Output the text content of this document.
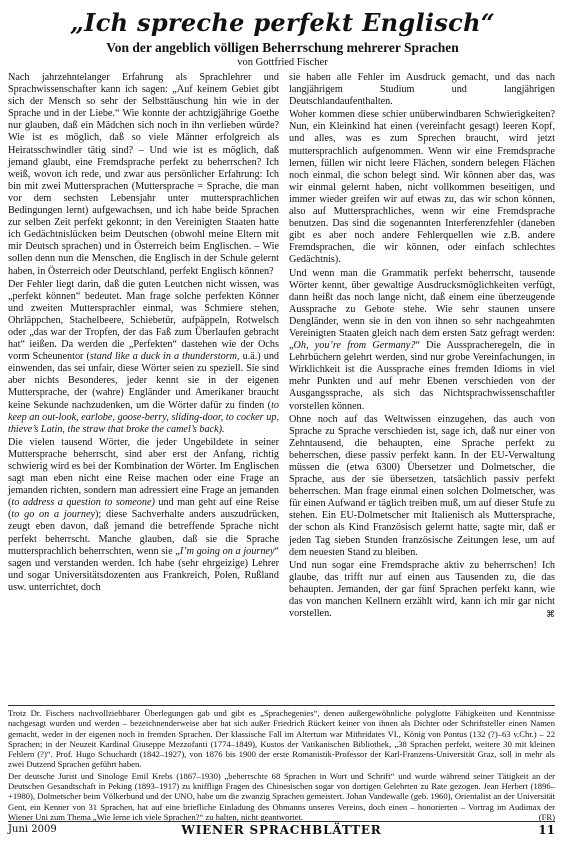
„Ich spreche perfekt Englisch“
Von der angeblich völligen Beherrschung mehrerer Sprachen
von Gottfried Fischer

Nach jahrzehntelanger Erfahrung als Sprachlehrer und Sprachwissenschafter kann ich sagen: „Auf keinem Gebiet gibt sich der Mensch so sehr der Selbsttäuschung hin wie in der Sprache und in der Liebe.“ Wie konnte der achtzigjährige Goethe nur glauben, daß ein Mädchen sich noch in ihn verlieben würde? Wie ist es möglich, daß so viele Männer erfolgreich als Heiratsschwindler tätig sind? – Und wie ist es möglich, daß jemand glaubt, eine Fremdsprache perfekt zu beherrschen? Ich weiß, wovon ich rede, und zwar aus persönlicher Erfahrung: Ich bin mit zwei Muttersprachen (Muttersprache = Sprache, die man vor dem sechsten Lebensjahr unter muttersprachlichen Bedingungen lernt) aufgewachsen, und ich habe beide Sprachen zur selben Zeit perfekt gekonnt; in den Vereinigten Staaten hatte ich Gedächtnislücken beim Deutschen (obwohl meine Eltern mit mir Deutsch sprachen) und in Österreich beim Englischen. – Wie sollen denn nun die Menschen, die Englisch in der Schule gelernt haben, in Österreich oder Deutschland, perfekt Englisch können?

Der Fehler liegt darin, daß die guten Leutchen nicht wissen, was „perfekt können“ bedeutet. Man frage solche perfekten Könner und zweiten Muttersprachler einmal, was Schmiere stehen, Ohrläppchen, Stachelbeere, Schiebetür, aufpäppeln, Rotwelsch oder „das war der Tropfen, der das Faß zum Überlaufen gebracht hat“ ieißen. Da werden die „Perfekten“ dastehen wie der Ochs vorm Scheunentor (stand like a duck in a thunderstorm, u.ä.) und einwenden, das sei unfair, diese Wörter seien zu speziell. Sie sind aber nichts Besonderes, jeder kennt sie in der eigenen Muttersprache, der (wahre) Engländer und Amerikaner braucht keine Sekunde nachzudenken, um die Wörter dafür zu finden (to keep an out-look, earlobe, goose-berry, sliding-door, to cocker up, thieve’s Latin, the straw that broke the camel’s back).

Die vielen tausend Wörter, die jeder Ungebildete in seiner Muttersprache beherrscht, sind aber erst der Anfang, richtig schwierig wird es bei der Kombination der Wörter. Im Englischen sagt man eben nicht eine Reise machen oder eine Frage an jemanden richten, sondern man adressiert eine Frage an jemanden (to address a question to someone) und man geht auf eine Reise (to go on a journey); diese Sachverhalte anders auszudrücken, zeugt eben davon, daß jemand die betreffende Sprache nicht perfekt beherrscht. Manche glauben, daß sie die Sprache muttersprachlich beherrschten, wenn sie „I’m going on a journey“ sagen und verstanden werden. Ich habe (sehr ehrgeizige) Lehrer und sogar Universitätsdozenten aus Frankreich, Polen, Rußland usw. unterrichtet, doch

sie haben alle Fehler im Ausdruck gemacht, und das nach langjährigem Studium und langjährigen Deutschlandaufenthalten.

Woher kommen diese schier unüberwindbaren Schwierigkeiten? Nun, ein Kleinkind hat einen (vereinfacht gesagt) leeren Kopf, und alles, was es zum Sprechen braucht, wird jetzt muttersprachlich aufgenommen. Wenn wir eine Fremdsprache lernen, füllen wir nicht leere Flächen, sondern belegen Flächen noch einmal, die schon belegt sind. Wir können aber das, was wir einmal gelernt haben, nicht vollkommen beseitigen, und immer wieder greifen wir auf etwas zu, das wir schon können, also auf Muttersprachliches, wenn wir eine Fremdsprache benutzen. Das sind die sogenannten Interferenzfehler (daneben gibt es aber noch andere Fehlerquellen wie z.B. andere Fremdsprachen, die wir können, oder einfach schlechtes Gedächtnis).

Und wenn man die Grammatik perfekt beherrscht, tausende Wörter kennt, über gewaltige Ausdrucksmöglichkeiten verfügt, dann heißt das noch lange nicht, daß einem eine überzeugende Aussprache zu Gebote stehe. Wie sehr staunen unsere Dengländer, wenn sie in den von ihnen so sehr nachgeahmten Vereinigten Staaten gleich nach dem ersten Satz gefragt werden: „Oh, you’re from Germany?“ Die Ausspracheregeln, die in Lehrbüchern gelehrt werden, sind nur grobe Vereinfachungen, in Wirklichkeit ist die Aussprache eines fremden Idioms in viel mehr Punkten und auf mehr Ebenen verschieden von der Ausgangssprache, als sich das Nichtsprachwissenschaftler vorstellen können.

Ohne noch auf das Weltwissen einzugehen, das auch von Sprache zu Sprache verschieden ist, sage ich, daß nur einer von Zehntausend, die behaupten, eine Sprache perfekt zu beherrschen, diese passiv perfekt kann. In der EU-Verwaltung müssen die (etwa 6300) Übersetzer und Dolmetscher, die Sprache, aus der sie übersetzen, tatsächlich passiv perfekt beherrschen. Man frage einmal einen solchen Dolmetscher, was für einen Aufwand er täglich treiben muß, um auf dieser Stufe zu stehen. Ein EU-Dolmetscher mit Italienisch als Muttersprache, der schon als Kind Französisch gelernt hatte, sagte mir, daß er jeden Tag sieben Stunden französische Zeitungen lese, um auf dem neuesten Stand zu bleiben.

Und nun sogar eine Fremdsprache aktiv zu beherrschen! Ich glaube, das trifft nur auf einen aus Tausenden zu, die das behaupten. Jemanden, der gar fünf Sprachen perfekt kann, wie das von manchen Kellnern erzählt wird, kann ich mir gar nicht vorstellen.	⌘

Trotz Dr. Fischers nachvollziehbarer Überlegungen gab und gibt es „Sprachegenies“, denen außergewöhnliche polyglotte Fähigkeiten und Kenntnisse nachgesagt wurden und werden – bezeichnenderweise aber hat sich außer Friedrich Rückert keiner von ihnen als Dichter oder Schriftsteller einen Namen gemacht, weder in der eigenen noch in fremden Sprachen. Der klassische Fall im Altertum war Mithridates VI., König von Pontus (132 (?)–63 v.Chr.) – 22 Sprachen; in der Neuzeit Kardinal Giuseppe Mezzofanti (1774–1849), Kustos der Vatikanischen Bibliothek, „38 Sprachen perfekt, weitere 30 mit kleinen Fehlern (?)“. Prof. Hugo Schuchardt (1842–1927), von 1876 bis 1900 der erste Romanistik-Professor der Karl-Franzens-Universität Graz, soll in mehr als zwei Dutzend Sprachen geführt haben.

Der deutsche Jurist und Sinologe Emil Krebs (1867–1930) „beherrschte 68 Sprachen in Wort und Schrift“ und wurde während seiner Tätigkeit an der Deutschen Gesandtschaft in Peking (1893–1917) zu knifflign Fragen des Chinesischen sogar von dortigen Gelehrten zu Rate gezogen. Jean Herbert (1896–+1980), Dolmetscher beim Völkerbund und der UNO, habe um die zwanzig Sprachen gemeistert. Johan Vandewalle (geb. 1960), Orientalist an der Universität Gent, ein Kenner von 31 Sprachen, hat auf eine briefliche Einladung des Obmanns unseres Vereins, doch einen – honorierten – Vortrag im Audimax der Wiener Uni zum Thema „Wie lerne ich viele Sprachen?“ zu halten, nicht geantwortet.	(FR)

Juni 2009	WIENER SPRACHBLÄTTER	11
